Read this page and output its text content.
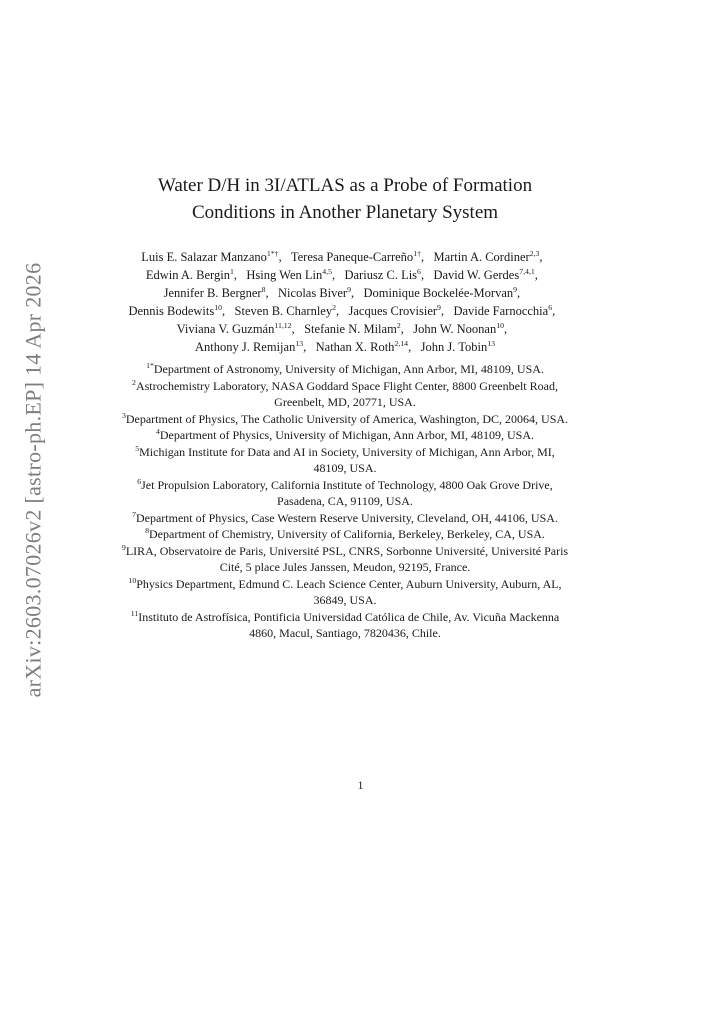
arXiv:2603.07026v2 [astro-ph.EP] 14 Apr 2026
Water D/H in 3I/ATLAS as a Probe of Formation
Conditions in Another Planetary System
Luis E. Salazar Manzano$^{1*\dagger}$,  Teresa Paneque-Carreño$^{1\dagger}$,  Martin A. Cordiner$^{2,3}$,  Edwin A. Bergin$^1$,  Hsing Wen Lin$^{4,5}$,  Dariusz C. Lis$^6$,  David W. Gerdes$^{7,4,1}$,  Jennifer B. Bergner$^8$,  Nicolas Biver$^9$,  Dominique Bockelée-Morvan$^9$,  Dennis Bodewits$^{10}$,  Steven B. Charnley$^2$,  Jacques Crovisier$^9$,  Davide Farnocchia$^6$,  Viviana V. Guzmán$^{11,12}$,  Stefanie N. Milam$^2$,  John W. Noonan$^{10}$,  Anthony J. Remijan$^{13}$,  Nathan X. Roth$^{2,14}$,  John J. Tobin$^{13}$

$^{1*}$Department of Astronomy, University of Michigan, Ann Arbor, MI, 48109, USA.

$^2$Astrochemistry Laboratory, NASA Goddard Space Flight Center, 8800 Greenbelt Road, Greenbelt, MD, 20771, USA.

$^3$Department of Physics, The Catholic University of America, Washington, DC, 20064, USA.

$^4$Department of Physics, University of Michigan, Ann Arbor, MI, 48109, USA.

$^5$Michigan Institute for Data and AI in Society, University of Michigan, Ann Arbor, MI, 48109, USA.

$^6$Jet Propulsion Laboratory, California Institute of Technology, 4800 Oak Grove Drive, Pasadena, CA, 91109, USA.

$^7$Department of Physics, Case Western Reserve University, Cleveland, OH, 44106, USA.

$^8$Department of Chemistry, University of California, Berkeley, Berkeley, CA, USA.

$^9$LIRA, Observatoire de Paris, Université PSL, CNRS, Sorbonne Université, Université Paris Cité, 5 place Jules Janssen, Meudon, 92195, France.

$^{10}$Physics Department, Edmund C. Leach Science Center, Auburn University, Auburn, AL, 36849, USA.

$^{11}$Instituto de Astrofísica, Pontificia Universidad Católica de Chile, Av. Vicuña Mackenna 4860, Macul, Santiago, 7820436, Chile.

1
